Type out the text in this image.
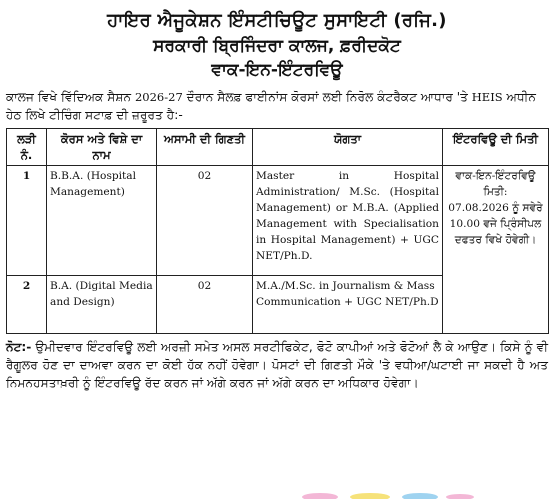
ਹਾਇਰ ਐਜੂਕੇਸ਼ਨ ਇੰਸਟੀਚਿਊਟ ਸੁਸਾਇਟੀ (ਰਜਿ.)
ਸਰਕਾਰੀ ਬ੍ਰਿਜਿੰਦਰਾ ਕਾਲਜ, ਫ਼ਰੀਦਕੋਟ
ਵਾਕ-ਇਨ-ਇੰਟਰਵਿਊ
ਕਾਲਜ ਵਿਖੇ ਵਿੱਦਿਅਕ ਸੈਸ਼ਨ 2026-27 ਦੌਰਾਨ ਸੈਲਫ਼ ਫਾਈਨਾਂਸ ਕੋਰਸਾਂ ਲਈ ਨਿਰੋਲ ਕੰਟਰੈਕਟ ਆਧਾਰ 'ਤੇ HEIS ਅਧੀਨ ਹੇਠ ਲਿਖੇ ਟੀਚਿੰਗ ਸਟਾਫ਼ ਦੀ ਜ਼ਰੂਰਤ ਹੈ:-
ਲੜੀ ਨੰ.	ਕੋਰਸ ਅਤੇ ਵਿਸ਼ੇ ਦਾ ਨਾਮ	ਅਸਾਮੀ ਦੀ ਗਿਣਤੀ	ਯੋਗਤਾ	ਇੰਟਰਵਿਊ ਦੀ ਮਿਤੀ
1	B.B.A. (Hospital Management)	02	Master in Hospital Administration/ M.Sc. (Hospital Management) or M.B.A. (Applied Management with Specialisation in Hospital Management) + UGC NET/Ph.D.	ਵਾਕ-ਇਨ-ਇੰਟਰਵਿਊ ਮਿਤੀ:
07.08.2026 ਨੂੰ ਸਵੇਰੇ 10.00 ਵਜੇ ਪ੍ਰਿੰਸੀਪਲ ਦਫਤਰ ਵਿਖੇ ਹੋਵੇਗੀ।
2	B.A. (Digital Media and Design)	02	M.A./M.Sc. in Journalism & Mass Communication + UGC NET/Ph.D	
ਨੋਟ:- ਉਮੀਦਵਾਰ ਇੰਟਰਵਿਊ ਲਈ ਅਰਜ਼ੀ ਸਮੇਤ ਅਸਲ ਸਰਟੀਫਿਕੇਟ, ਫੋਟੋ ਕਾਪੀਆਂ ਅਤੇ ਫੋਟੋਆਂ ਲੈ ਕੇ ਆਉਣ। ਕਿਸੇ ਨੂੰ ਵੀ ਰੈਗੂਲਰ ਹੋਣ ਦਾ ਦਾਅਵਾ ਕਰਨ ਦਾ ਕੋਈ ਹੱਕ ਨਹੀਂ ਹੋਵੇਗਾ। ਪੋਸਟਾਂ ਦੀ ਗਿਣਤੀ ਮੌਕੇ 'ਤੇ ਵਧੀਆ/ਘਟਾਈ ਜਾ ਸਕਦੀ ਹੈ ਅਤ ਨਿਮਨਹਸਤਾਖ਼ਰੀ ਨੂੰ ਇੰਟਰਵਿਊ ਰੱਦ ਕਰਨ ਜਾਂ ਅੱਗੇ ਕਰਨ ਜਾਂ ਅੱਗੇ ਕਰਨ ਦਾ ਅਧਿਕਾਰ ਹੋਵੇਗਾ।
